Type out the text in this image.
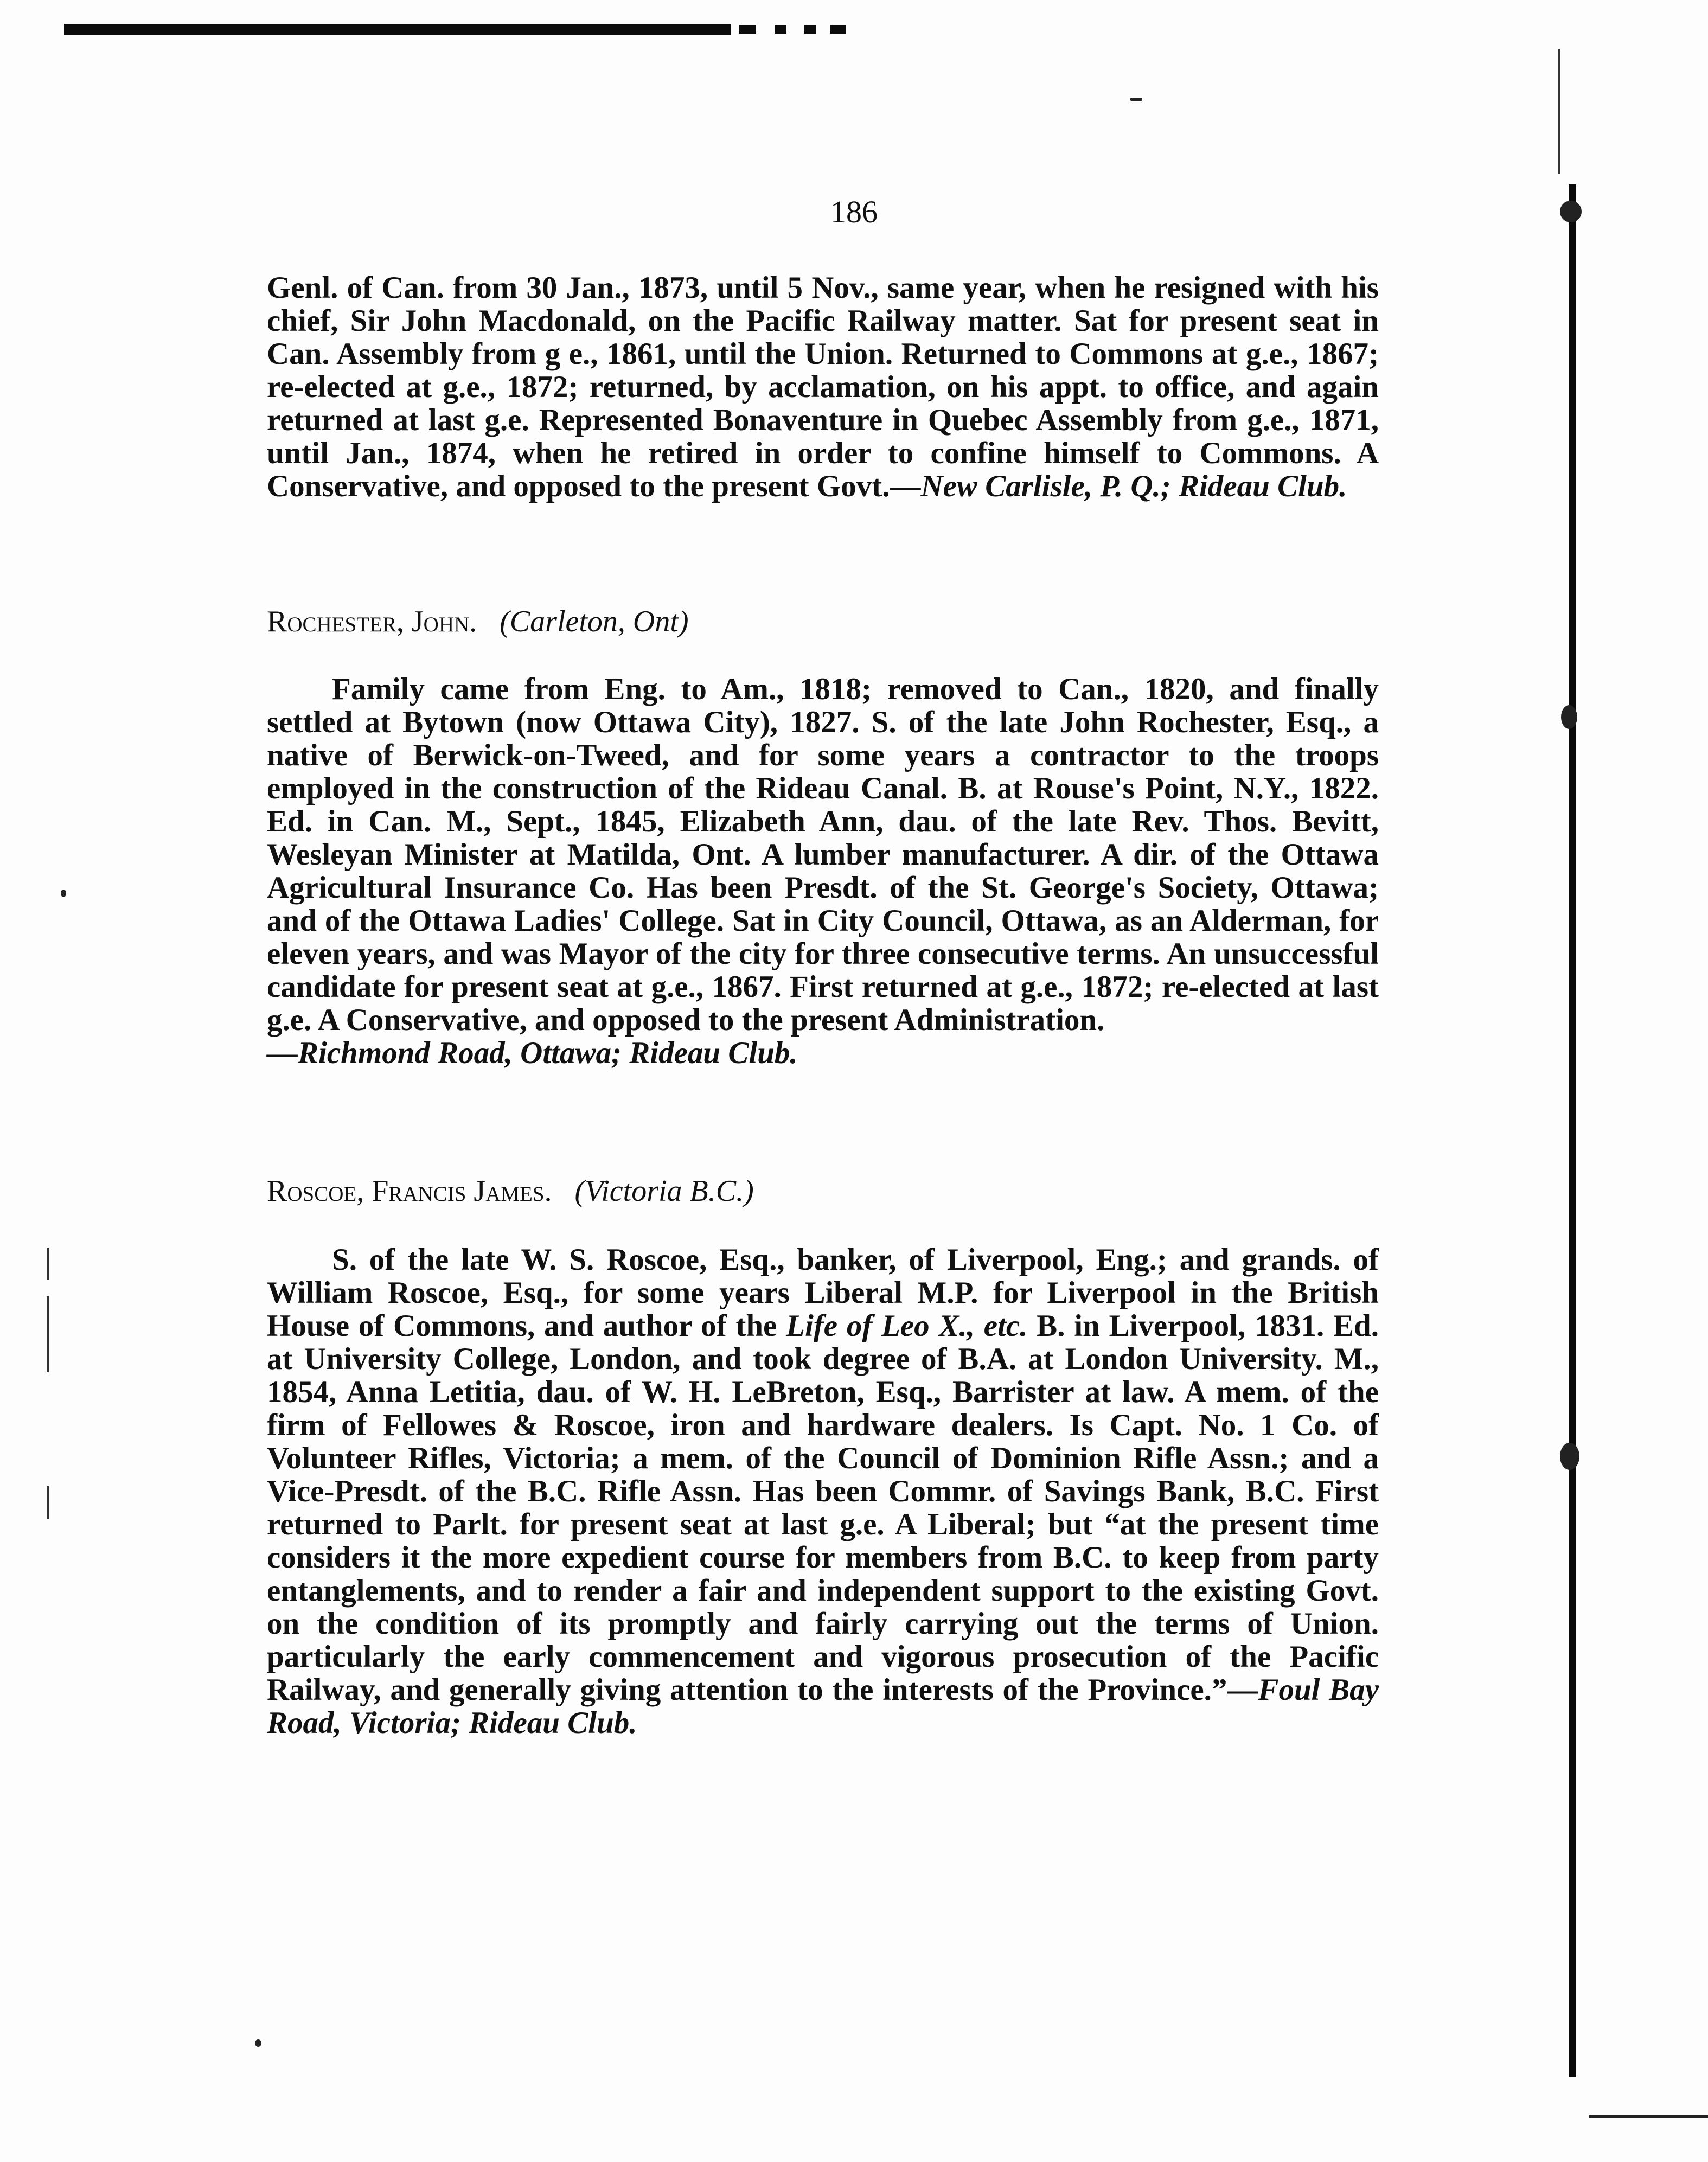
186

Genl. of Can. from 30 Jan., 1873, until 5 Nov., same year, when he resigned with his chief, Sir John Macdonald, on the Pacific Railway matter. Sat for present seat in Can. Assembly from g e., 1861, until the Union. Returned to Commons at g.e., 1867; re-elected at g.e., 1872; returned, by acclamation, on his appt. to office, and again returned at last g.e. Represented Bonaventure in Quebec Assembly from g.e., 1871, until Jan., 1874, when he retired in order to confine himself to Commons. A Conservative, and opposed to the present Govt.—New Carlisle, P. Q.; Rideau Club.

Rochester, John. (Carleton, Ont)

Family came from Eng. to Am., 1818; removed to Can., 1820, and finally settled at Bytown (now Ottawa City), 1827. S. of the late John Rochester, Esq., a native of Berwick-on-Tweed, and for some years a contractor to the troops employed in the construction of the Rideau Canal. B. at Rouse's Point, N.Y., 1822. Ed. in Can. M., Sept., 1845, Elizabeth Ann, dau. of the late Rev. Thos. Bevitt, Wesleyan Minister at Matilda, Ont. A lumber manufacturer. A dir. of the Ottawa Agricultural Insurance Co. Has been Presdt. of the St. George's Society, Ottawa; and of the Ottawa Ladies' College. Sat in City Council, Ottawa, as an Alderman, for eleven years, and was Mayor of the city for three consecutive terms. An unsuccessful candidate for present seat at g.e., 1867. First returned at g.e., 1872; re-elected at last g.e. A Conservative, and opposed to the present Administration.
—Richmond Road, Ottawa; Rideau Club.

Roscoe, Francis James. (Victoria B.C.)

S. of the late W. S. Roscoe, Esq., banker, of Liverpool, Eng.; and grands. of William Roscoe, Esq., for some years Liberal M.P. for Liverpool in the British House of Commons, and author of the Life of Leo X., etc. B. in Liverpool, 1831. Ed. at University College, London, and took degree of B.A. at London University. M., 1854, Anna Letitia, dau. of W. H. LeBreton, Esq., Barrister at law. A mem. of the firm of Fellowes & Roscoe, iron and hardware dealers. Is Capt. No. 1 Co. of Volunteer Rifles, Victoria; a mem. of the Council of Dominion Rifle Assn.; and a Vice-Presdt. of the B.C. Rifle Assn. Has been Commr. of Savings Bank, B.C. First returned to Parlt. for present seat at last g.e. A Liberal; but “at the present time considers it the more expedient course for members from B.C. to keep from party entanglements, and to render a fair and independent support to the existing Govt. on the condition of its promptly and fairly carrying out the terms of Union. particularly the early commencement and vigorous prosecution of the Pacific Railway, and generally giving attention to the interests of the Province.”—Foul Bay Road, Victoria; Rideau Club.
